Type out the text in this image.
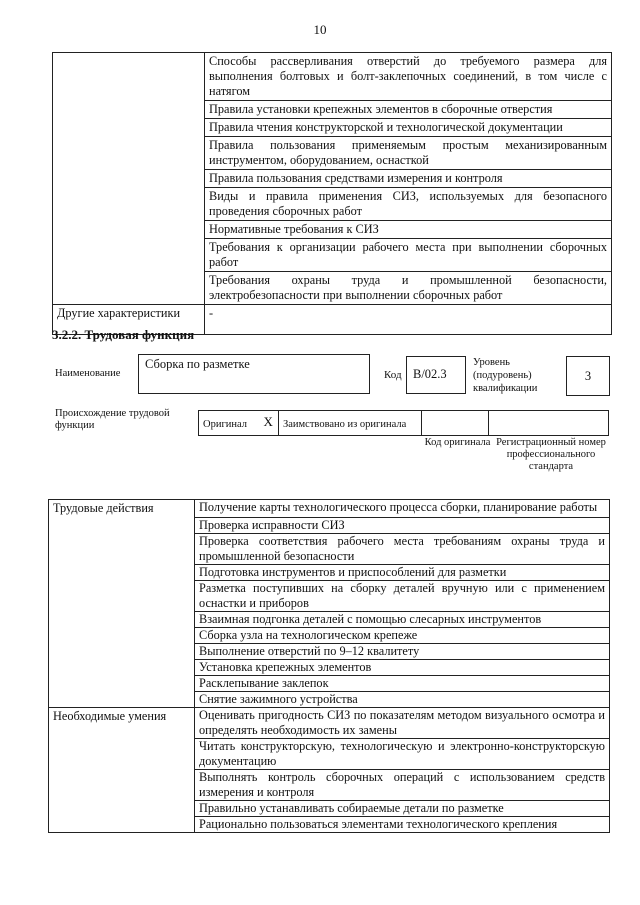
10
	Способы рассверливания отверстий до требуемого размера для выполнения болтовых и болт-заклепочных соединений, в том числе с натягом
	Правила установки крепежных элементов в сборочные отверстия
	Правила чтения конструкторской и технологической документации
	Правила пользования применяемым простым механизированным инструментом, оборудованием, оснасткой
	Правила пользования средствами измерения и контроля
	Виды и правила применения СИЗ, используемых для безопасного проведения сборочных работ
	Нормативные требования к СИЗ
	Требования к организации рабочего места при выполнении сборочных работ
	Требования охраны труда и промышленной безопасности, электробезопасности при выполнении сборочных работ
Другие характеристики	-
3.2.2. Трудовая функция
Наименование
Сборка по разметке
Код В/02.3
Уровень (подуровень) квалификации
3
Происхождение трудовой функции	Оригинал	X	Заимствовано из оригинала		
Код оригинала Регистрационный номер профессионального стандарта
Трудовые действия	Получение карты технологического процесса сборки, планирование работы
	Проверка исправности СИЗ
	Проверка соответствия рабочего места требованиям охраны труда и промышленной безопасности
	Подготовка инструментов и приспособлений для разметки
	Разметка поступивших на сборку деталей вручную или с применением оснастки и приборов
	Взаимная подгонка деталей с помощью слесарных инструментов
	Сборка узла на технологическом крепеже
	Выполнение отверстий по 9–12 квалитету
	Установка крепежных элементов
	Расклепывание заклепок
	Снятие зажимного устройства
Необходимые умения	Оценивать пригодность СИЗ по показателям методом визуального осмотра и определять необходимость их замены
	Читать конструкторскую, технологическую и электронно-конструкторскую документацию
	Выполнять контроль сборочных операций с использованием средств измерения и контроля
	Правильно устанавливать собираемые детали по разметке
	Рационально пользоваться элементами технологического крепления
